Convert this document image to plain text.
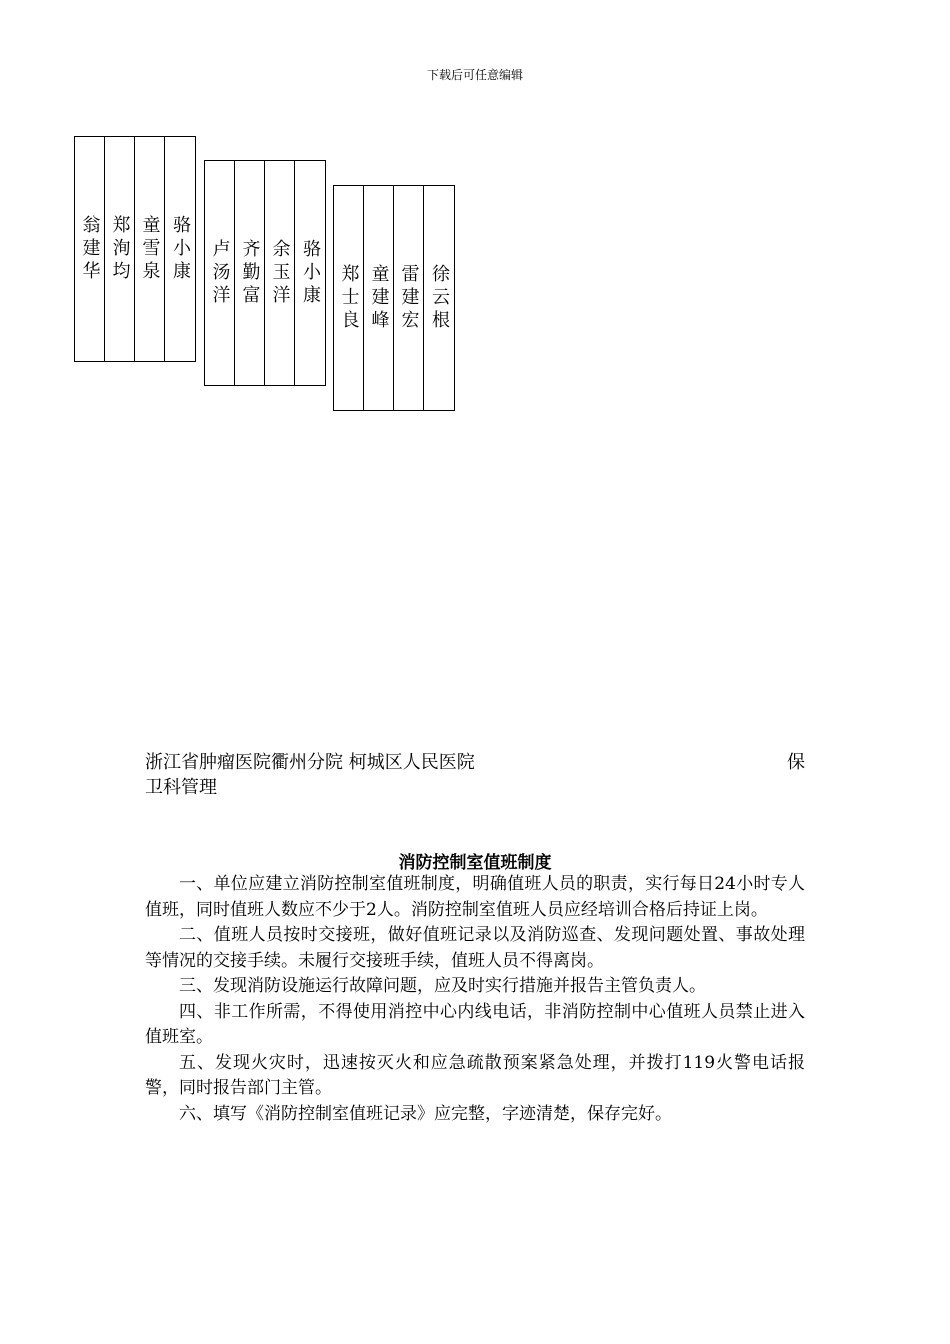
下载后可任意编辑
翁建华 郑洵均 童雪泉 骆小康 卢汤洋 齐勤富 余玉洋 骆小康 郑士良 童建峰 雷建宏 徐云根
浙江省肿瘤医院衢州分院 柯城区人民医院	保
卫科管理
消防控制室值班制度

一、单位应建立消防控制室值班制度，明确值班人员的职责，实行每日24小时专人值班，同时值班人数应不少于2人。消防控制室值班人员应经培训合格后持证上岗。

二、值班人员按时交接班，做好值班记录以及消防巡查、发现问题处置、事故处理等情况的交接手续。未履行交接班手续，值班人员不得离岗。

三、发现消防设施运行故障问题，应及时实行措施并报告主管负责人。

四、非工作所需，不得使用消控中心内线电话，非消防控制中心值班人员禁止进入值班室。

五、发现火灾时，迅速按灭火和应急疏散预案紧急处理，并拨打119火警电话报警，同时报告部门主管。

六、填写《消防控制室值班记录》应完整，字迹清楚，保存完好。
